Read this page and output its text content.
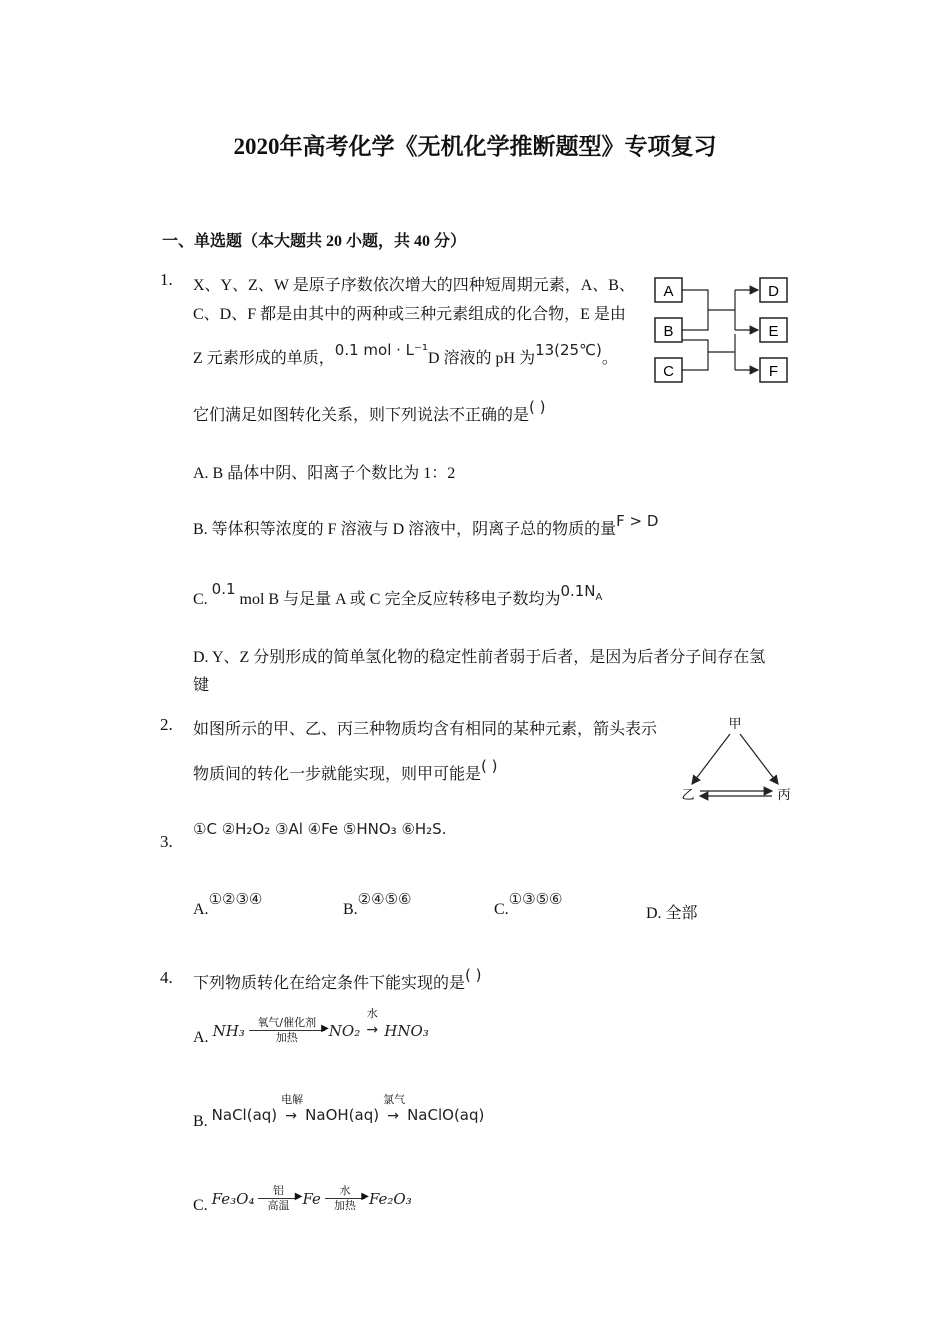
2020年高考化学《无机化学推断题型》专项复习
一、单选题（本大题共 20 小题，共 40 分）
1. X、Y、Z、W 是原子序数依次增大的四种短周期元素，A、B、
C、D、F 都是由其中的两种或三种元素组成的化合物，E 是由
Z 元素形成的单质，0.1 mol · L⁻¹D 溶液的 pH 为13(25℃)。
它们满足如图转化关系，则下列说法不正确的是( )
A
B
C
D
E
F
A. B 晶体中阴、阳离子个数比为 1：2
B. 等体积等浓度的 F 溶液与 D 溶液中，阴离子总的物质的量F > D
C. 0.1 mol B 与足量 A 或 C 完全反应转移电子数均为$0.1N_A$
D. Y、Z 分别形成的简单氢化物的稳定性前者弱于后者，是因为后者分子间存在氢
键
2. 如图所示的甲、乙、丙三种物质均含有相同的某种元素，箭头表示
物质间的转化一步就能实现，则甲可能是( )
甲
乙	丙
3.
①C ②H₂O₂ ③Al ④Fe ⑤HNO₃ ⑥H₂S.
A.①②③④
B.②④⑤⑥
C.①③⑤⑥
D. 全部
4. 下列物质转化在给定条件下能实现的是( )
A. NH₃	氧气/催化剂 ▶
加热	NO₂
水
→ HNO₃
B. NaCl(aq)
电解
→ NaOH(aq)
氯气
→ NaClO(aq)
C. Fe₃O₄	铝	▶
高温 Fe	水	▶
加热 Fe₂O₃
